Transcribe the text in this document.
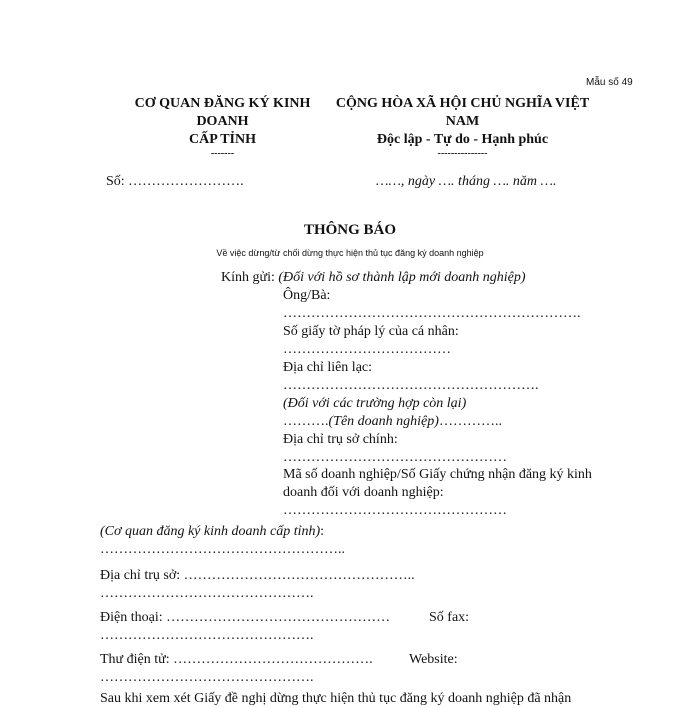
Mẫu số 49
CƠ QUAN ĐĂNG KÝ KINH
DOANH
CẤP TỈNH
-------
CỘNG HÒA XÃ HỘI CHỦ NGHĨA VIỆT
NAM
Độc lập - Tự do - Hạnh phúc
---------------
Số: …………………….	……, ngày …. tháng …. năm ….
THÔNG BÁO
Về việc dừng/từ chối dừng thực hiện thủ tục đăng ký doanh nghiệp
Kính gửi: (Đối với hồ sơ thành lập mới doanh nghiệp)
Ông/Bà:
……………………………………………………….
Số giấy tờ pháp lý của cá nhân:
………………………………
Địa chỉ liên lạc:
……………………………………………….
(Đối với các trường hợp còn lại)
……….(Tên doanh nghiệp)…………..
Địa chỉ trụ sở chính:
…………………………………………
Mã số doanh nghiệp/Số Giấy chứng nhận đăng ký kinh
doanh đối với doanh nghiệp:
…………………………………………
(Cơ quan đăng ký kinh doanh cấp tỉnh):
……………………………………………..
Địa chỉ trụ sở: …………………………………………..
……………………………………….
Điện thoại: …………………………………………	Số fax:
……………………………………….
Thư điện tử: …………………………………….	Website:
……………………………………….
Sau khi xem xét Giấy đề nghị dừng thực hiện thủ tục đăng ký doanh nghiệp đã nhận
